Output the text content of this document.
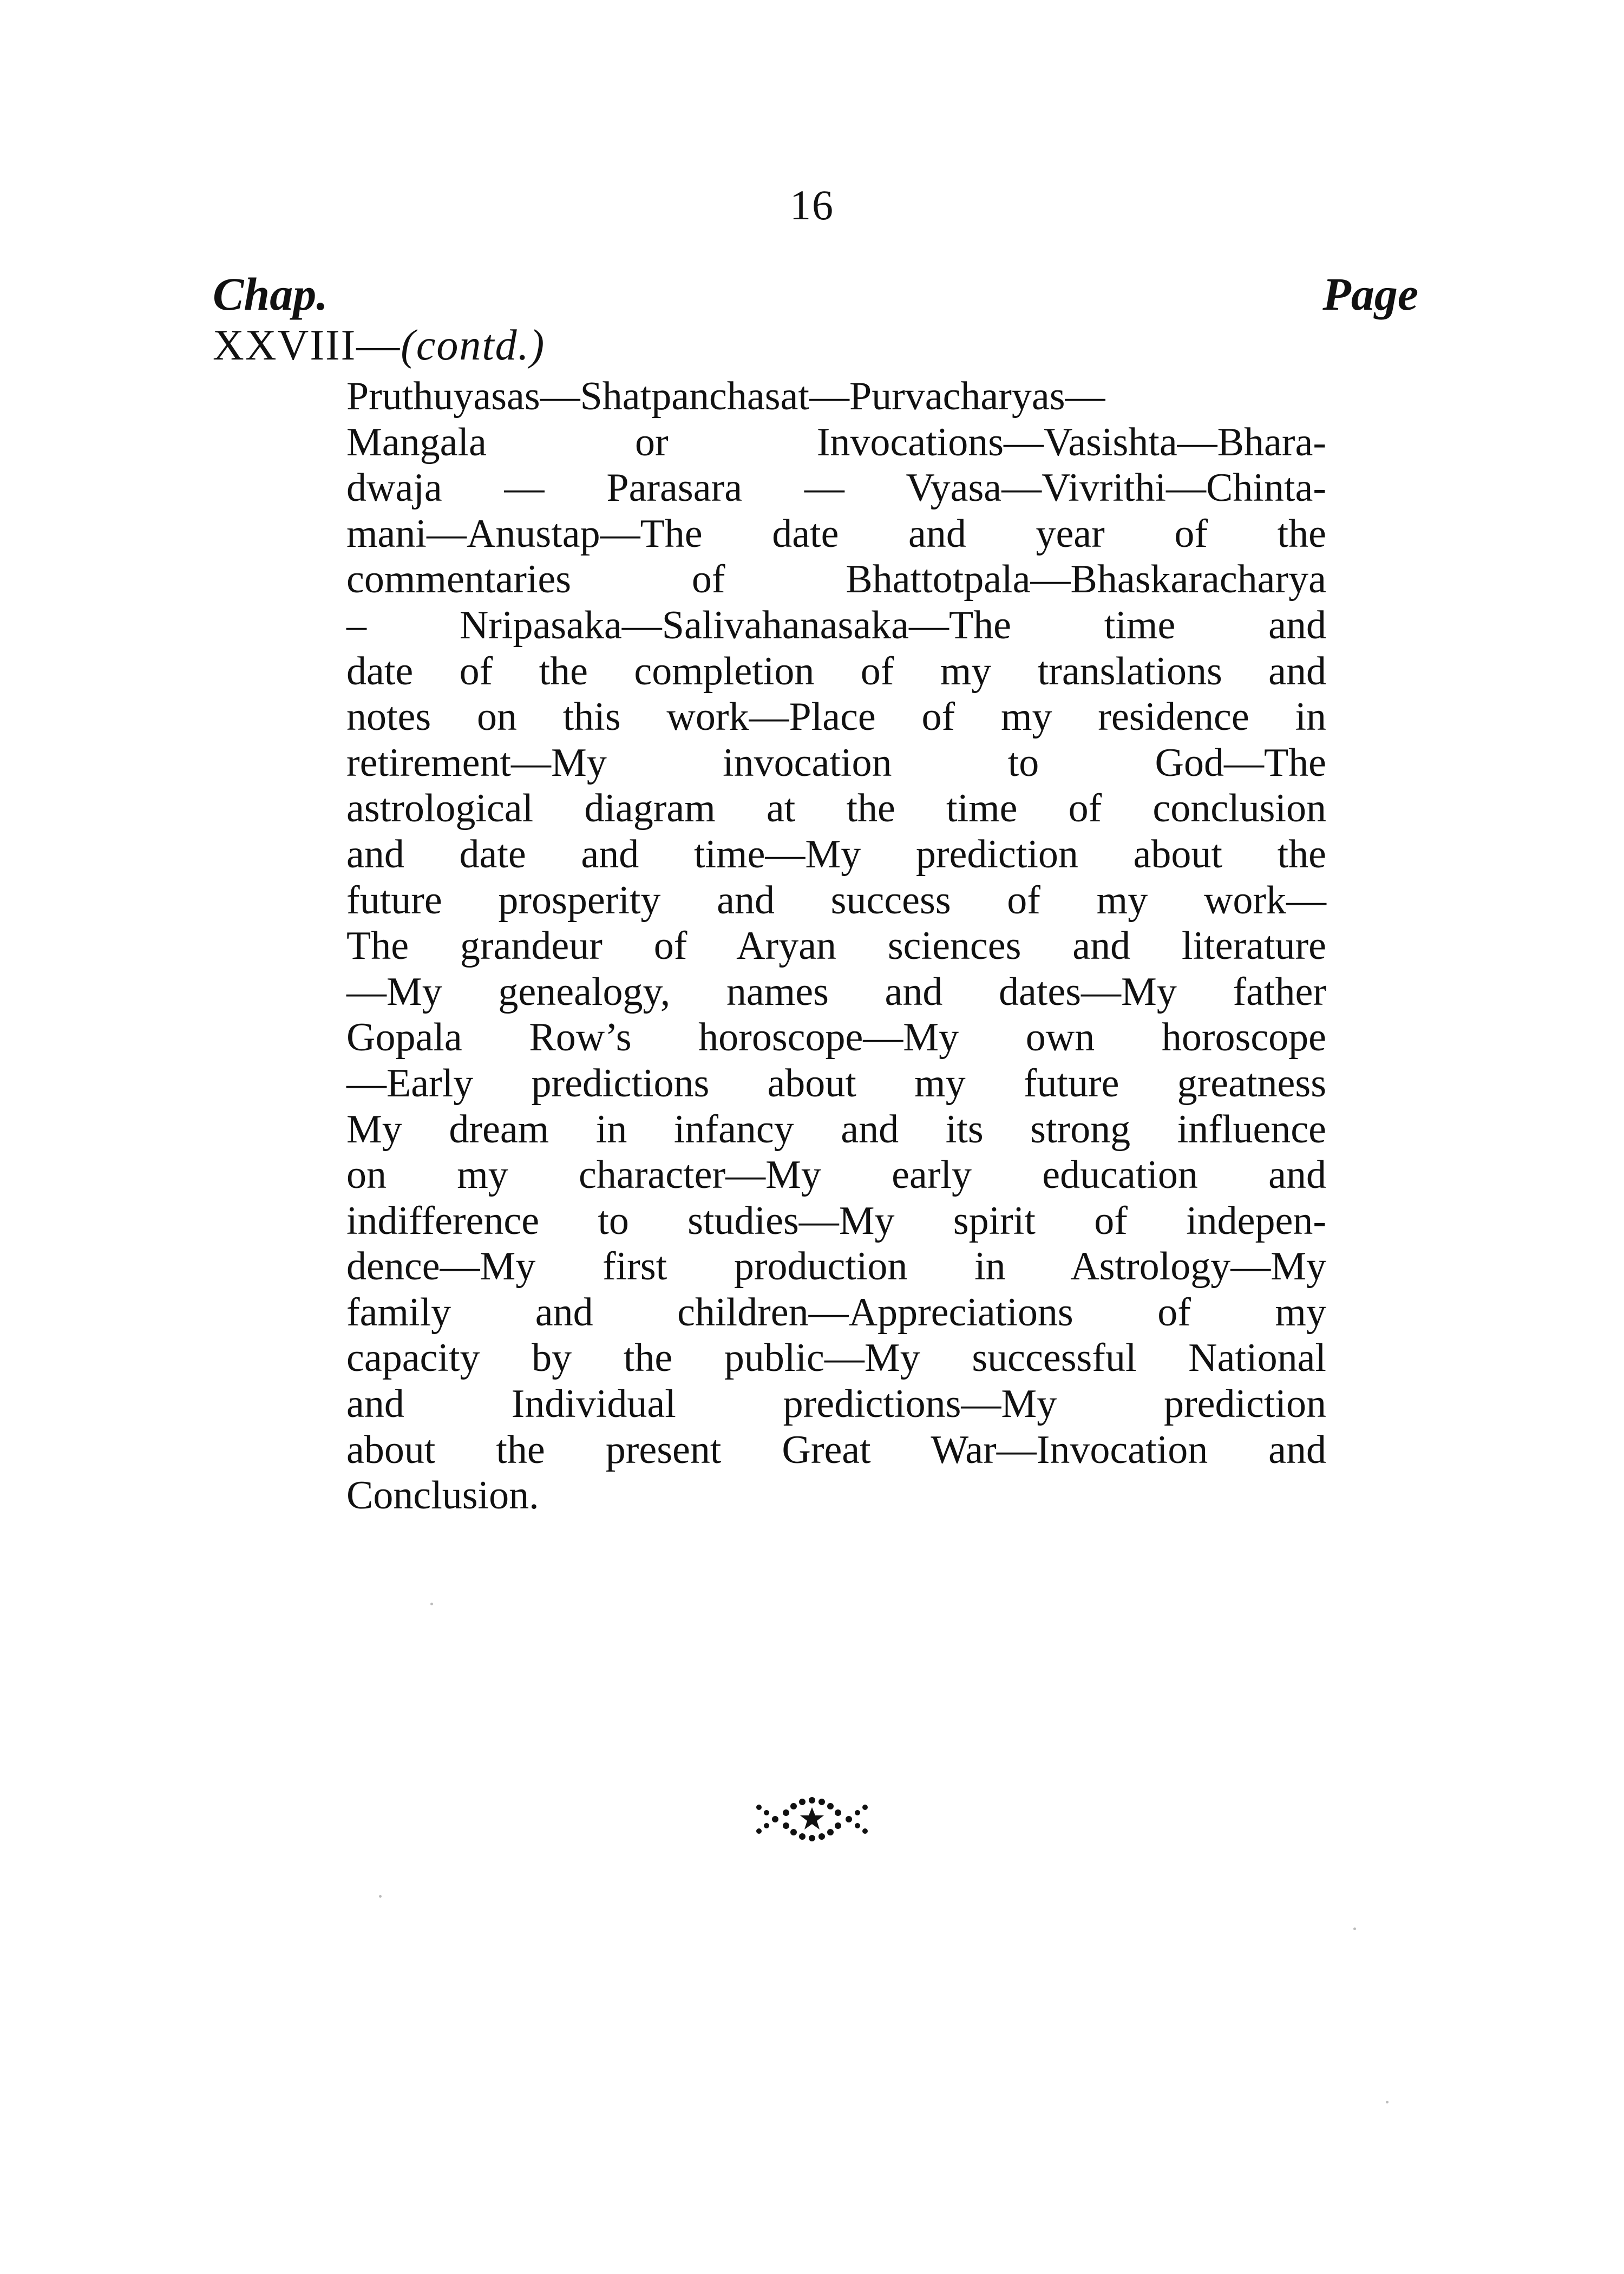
16
Chap.	Page
XXVIII—(contd.)
Pruthuyasas—Shatpanchasat—Purvacharyas—
Mangala or Invocations—Vasishta—Bhara-
dwaja — Parasara — Vyasa—Vivrithi—Chinta-
mani—Anustap—The date and year of the
commentaries of Bhattotpala—Bhaskaracharya
– Nripasaka—Salivahanasaka—The time and
date of the completion of my translations and
notes on this work—Place of my residence in
retirement—My invocation to God—The
astrological diagram at the time of conclusion
and date and time—My prediction about the
future prosperity and success of my work—
The grandeur of Aryan sciences and literature
—My genealogy, names and dates—My father
Gopala Row’s horoscope—My own horoscope
—Early predictions about my future greatness
My dream in infancy and its strong influence
on my character—My early education and
indifference to studies—My spirit of indepen-
dence—My first production in Astrology—My
family and children—Appreciations of my
capacity by the public—My successful National
and Individual predictions—My prediction
about the present Great War—Invocation and
Conclusion.
